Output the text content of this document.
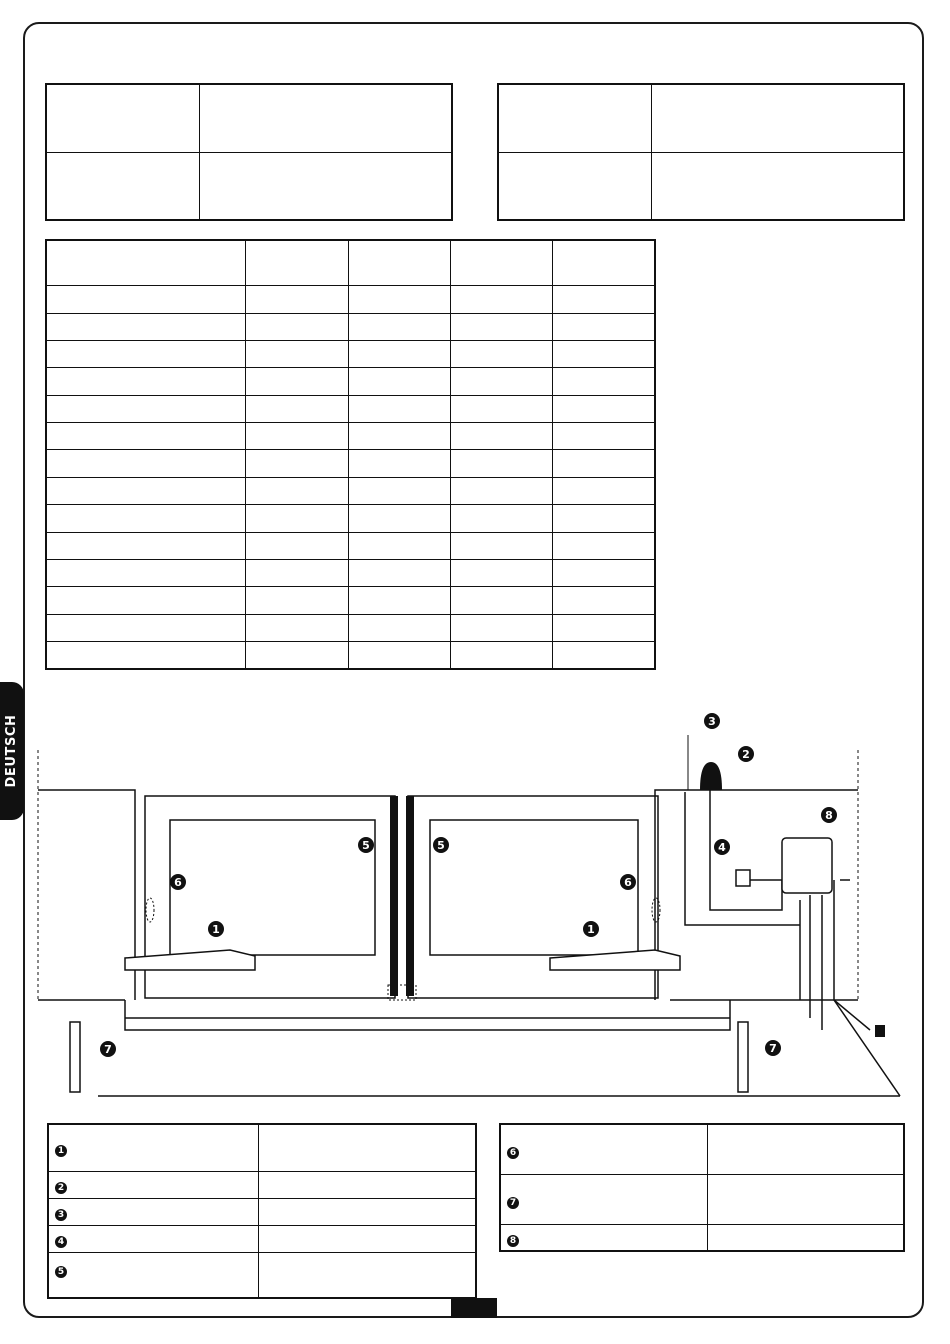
DEUTSCH

1	1
2
3
4
5	5
6	6
7	7
8
1	
2	
3	
4	
5	
6	
7	
8	
